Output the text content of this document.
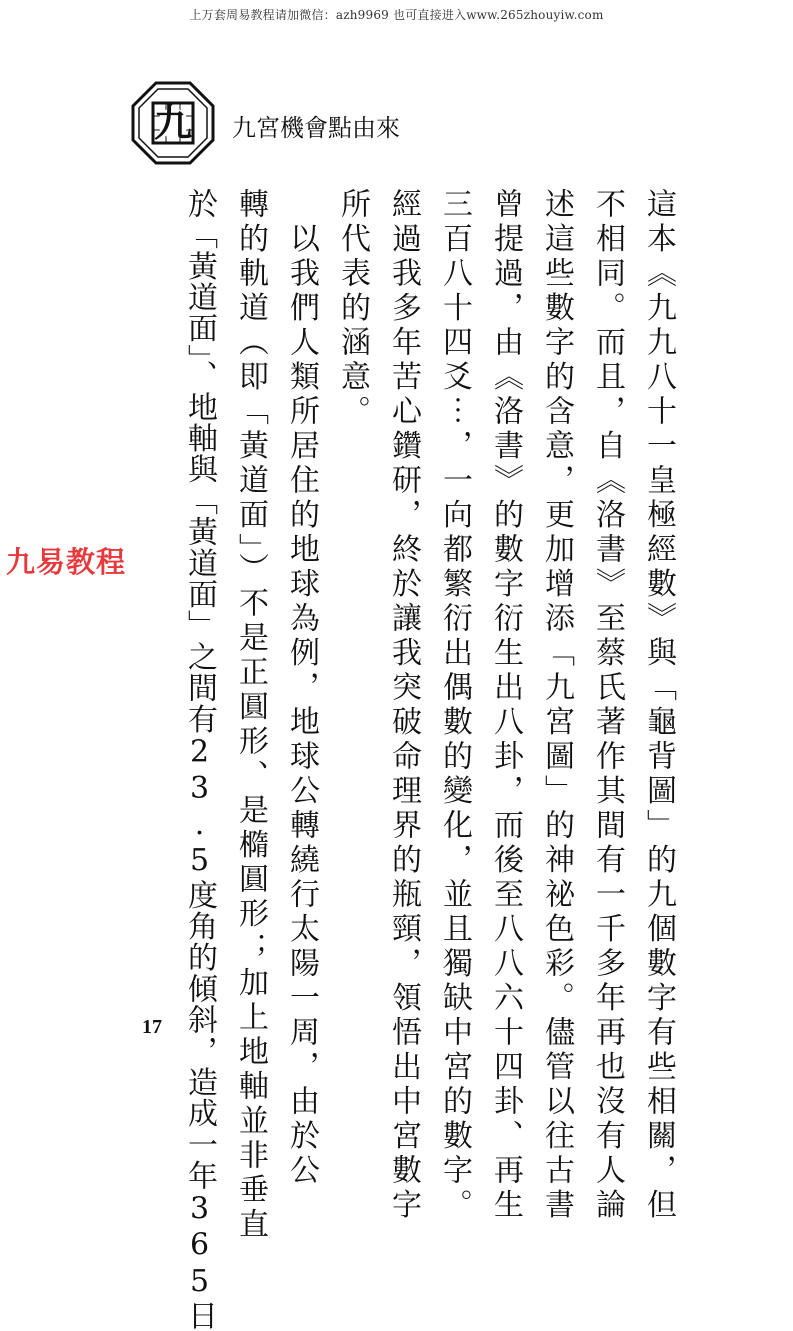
上万套周易教程请加微信：azh9969 也可直接进入www.265zhouyiw.com
九	九宮機會點由來
這本《九九八十一皇極經數》與「龜背圖」的九個數字有些相關，但
不相同。而且，自《洛書》至蔡氏著作其間有一千多年再也沒有人論
述這些數字的含意，更加增添「九宮圖」的神祕色彩。儘管以往古書
曾提過，由《洛書》的數字衍生出八卦，而後至八八六十四卦、再生
三百八十四爻⋯，一向都繁衍出偶數的變化，並且獨缺中宮的數字。
經過我多年苦心鑽研，終於讓我突破命理界的瓶頸，領悟出中宮數字
所代表的涵意。
　以我們人類所居住的地球為例，地球公轉繞行太陽一周，由於公
轉的軌道︵即「黃道面」︶不是正圓形、是橢圓形；加上地軸並非垂直
於「黃道面」、地軸與「黃道面」之間有23.5度角的傾斜，造成一年365日
九易教程
17
